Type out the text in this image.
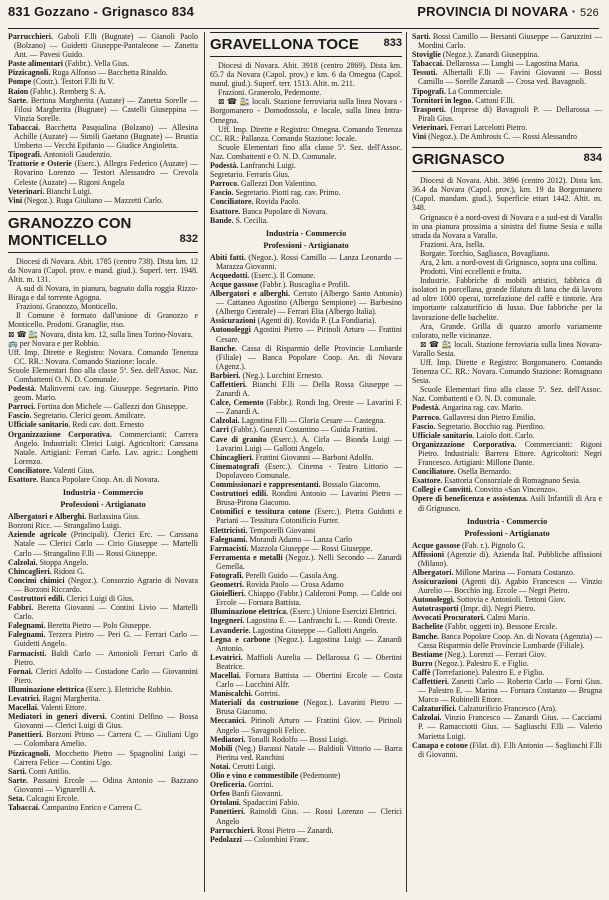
831 Gozzano - Grignasco 834	PROVINCIA DI NOVARA · 526

Parrucchieri. Gaboli F.lli (Bugnate) — Gianoli Paolo (Bolzano) — Guidetti Giuseppe-Pantaleone — Zanetta Ant. — Pavesi Guido.

Paste alimentari (Fabbr.). Vella Gius.

Pizzicagnoli. Ruga Alfonso — Bacchetta Rinaldo.

Pompe (Costr.). Testori F.lli fu V.

Raion (Fabbr.). Remberg S. A.

Sarte. Bertona Margherita (Auzate) — Zanetta Sorelle — Filosi Margherita (Bugnate) — Castelli Giuseppina — Vinzia Sorelle.

Tabaccai. Bacchetta Pasqualina (Bolzano) — Allesina Achille (Auzate) — Simili Gaetano (Bugnate) — Brustia Umberto — Vecchi Epifanio — Giudice Angioletta.

Tipografi. Antonioli Gaudenzio.

Trattorie e Osterie (Eserc.). Allegra Federico (Auzate) — Rovarino Lorenzo — Testori Alessandro — Crevola Celeste (Auzate) — Rigoni Angela

Veterinari. Bianchi Luigi.

Vini (Negoz.). Ruga Giuliano — Mazzetti Carlo.

GRANOZZO CON
MONTICELLO	832

Diocesi di Novara. Abit. 1785 (centro 738). Dista km. 12 da Novara (Capol. prov. e mand. giud.). Superf. terr. 1948. Altit. m. 131.

A sud di Novara, in pianura, bagnato dalla roggia Rizzo-Biraga e dal torrente Agogna.

Frazioni. Granozzo, Monticello.

Il Comune è formato dall'unione di Granozzo e Monticello. Prodotti. Granaglie, riso.

⊠ ☎ 🚉 Novara, dista km. 12, sulla linea Torino-Novara.

🚌 per Novara e per Robbio.

Uff. Imp. Dirette e Registro: Novara. Comando Tenenza CC. RR.: Novara. Comando Stazione: locale.

Scuole Elementari fino alla classe 5ª. Sez. dell'Assoc. Naz. Combattenti O. N. D. Comunale.

Podestà. Malinverni cav. ing. Giuseppe. Segretario. Pitto geom. Mario.

Parroci. Fortina don Michele — Gallezzi don Giuseppe.

Fascio. Segretario. Clerici geom. Amilcare.

Ufficiale sanitario. Redi cav. dott. Ernesto

Organizzazione Corporativa. Commercianti: Carrera Angelo. Industriali: Clerici Luigi. Agricoltori: Carssana Natale. Artigiani: Ferrari Carlo. Lav. agric.: Longhetti Lorenzo.

Conciliatore. Valenti Gius.

Esattore. Banca Popolare Coop. An. di Novara.

Industria - Commercio
Professioni - Artigianato

Albergatori e Alberghi. Barlassina Gius.

Borzoni Ricc. — Strangalino Luigi.

Aziende agricole (Principali). Clerici Erc. — Carssana Natale — Clerici Carlo — Cirio Giuseppe — Martelli Carlo — Strangalino F.lli — Rossi Giuseppe.

Calzolai. Stoppa Angelo.

Chincaglieri. Ridoni G.

Concimi chimici (Negoz.). Consorzio Agrario di Novara — Borzoni Riccardo.

Costruttori edili. Clerici Luigi di Gius.

Fabbri. Beretta Giovanni — Contini Livio — Martelli Carlo.

Falegnami. Beretta Pietro — Polo Giuseppe.

Falegnami. Terzera Pietro — Peri G. — Ferrari Carlo — Guidetti Angelo.

Farmacisti. Baldi Carlo — Antonioli Ferrari Carlo di Pietro.

Fornai. Clerici Adolfo — Costadone Carlo — Giovannini Piero.

Illuminazione elettrica (Eserc.). Elettriche Robbio.

Levatrici. Ragni Margherita.

Macellai. Valenti Ettore.

Mediatori in generi diversi. Contini Delfino — Bossa Giovanni — Clerici Luigi di Gius.

Panettieri. Borzoni Primo — Carrera C. — Giuliani Ugo — Colombara Amelio.

Pizzicagnoli. Mocchetto Pietro — Spagnolini Luigi — Carrera Felice — Contini Ugo.

Sarti. Conti Attilio.

Sarte. Passaini Ercole — Odina Antonio — Bazzano Giovanni — Vignarelli A.

Seta. Calcagni Ercole.

Tabaccai. Campanino Enrico e Carrera C.

GRAVELLONA TOCE 833

Diocesi di Novara. Abit. 3918 (centro 2869). Dista km. 65.7 da Novara (Capol. prov.) e km. 6 da Omegna (Capol. mand. giud.). Superf. terr. 1513. Altit. m. 211.

Frazioni. Granerolo, Pedemonte.

⊠ ☎ 🚉 locali. Stazione ferroviaria sulla linea Novara - Borgomanero - Domodossola, e locale, sulla linea Intra-Omegna.

Uff. Imp. Dirette e Registro: Omegna. Comando Tenenza CC. RR.: Pallanza. Comando Stazione: locale.

Scuole Elementari fino alla classe 5ª. Sez. dell'Assoc. Naz. Combattenti e O. N. D. Comunale.

Podestà. Lanfranchi Luigi.

Segretario. Ferraris Gius.

Parroco. Gallezzi Don Valentino.

Fascio. Segretario. Piotti rag. cav. Primo.

Conciliatore. Rovida Paolo.

Esattore. Banca Popolare di Novara.

Bande. S. Cecilia.

Industria - Commercio
Professioni - Artigianato

Abiti fatti. (Negoz.). Rossi Camillo — Lanza Leonardo — Marazza Giovanni.

Acquedotti. (Eserc.). Il Comune.

Acque gassose (Fabbr.). Buscaglia e Profili.

Albergatori e alberghi. Cerrato (Albergo Santo Antonio) — Cattaneo Agostino (Albergo Sempione) — Barbesino (Albergo Centrale) — Ferrari Elia (Albergo Italia).

Assicurazioni (Agenti di). Rovida P. (La Fondiaria).

Autonoleggi Agostini Pietro — Pirinoli Arturo — Frattini Cesare.

Banche. Cassa di Risparmio delle Provincie Lombarde (Filiale) — Banca Popolare Coop. An. di Novara (Agenz.).

Barbieri. (Neg.). Lucchini Ernesto.

Caffettieri. Bianchi F.lli — Della Rossa Giuseppe — Zanardi A.

Calce, Cemento (Fabbr.). Rondi Ing. Oreste — Lavarini F. — Zanardi A.

Calzolai. Lagostina F.lli — Gloria Cesare — Castegna.

Carri (Fabbr.). Guenzi Costantino — Guida Frattini.

Cave di granito (Eserc.). A. Cirla — Bionda Luigi — Lavarini Luigi — Gallotti Angelo.

Chincaglieri. Frattini Giovanni — Barboni Adolfo.

Cinematografi (Eserc.). Cinema - Teatro Littorio — Dopolavoro Comunale.

Commissionari e rappresentanti. Bossalo Giacomo.

Costruttori edili. Rondini Antonio — Lavarini Pietro — Brusa-Pirona Giacomo.

Cotonifici e tessitura cotone (Eserc.). Pietra Guidotti e Pariani — Tessitura Cotonificio Furter.

Elettricisti. Temporelli Giovanni

Falegnami. Morandi Adamo — Lanza Carlo

Farmacisti. Mazzola Giuseppe — Rossi Giuseppe.

Ferramenta e metalli (Negoz.). Nelli Secondo — Zanardi Gemella.

Fotografi. Perelli Guido — Casola Ang.

Geometri. Rovida Paolo — Crosa Adamo

Gioiellieri. Chiappo (Fabbr.) Calderoni Pomp. — Calde oni Ercole — Fornara Battista.

Illuminazione elettrica. (Eserc.) Unione Esercizi Elettrici.

Ingegneri. Lagostina E. — Lanfranchi L. — Rondi Oreste.

Lavanderie. Lagostina Giuseppe — Gallotti Angelo.

Legna e carbone (Negoz.). Lagostina Luigi — Zanardi Antonio.

Levatrici. Maffioli Aurelia — Dellarossa G — Obertini Beatrice.

Macellai. Fornara Battista — Obertini Ercole — Costa Carlo — Lucchini Alfr.

Maniscalchi. Gorrini.

Materiali da costruzione (Negoz.). Lavarini Pietro — Brusa Giacomo.

Meccanici. Pirinoli Arturo — Frattini Giov. — Pirinoli Angelo — Savagnoli Felice.

Mediatori. Tonalli Rodolfo — Bossi Luigi.

Mobili (Neg.) Barassi Natale — Baldioli Vittorio — Barra Pierina ved. Ranchini

Notai. Cerutti Luigi.

Olio e vino e commestibile (Pedemonte)

Oreficeria. Gorrini.

Orfeo Banfi Giovanni.

Ortolani. Spadaccini Fabio.

Panettieri. Rainoldi Gius. — Rossi Lorenzo — Clerici Angelo

Parrucchieri. Rossi Pietro — Zanardi.

Pedolazzi — Colombini Franc.

Sarti. Bossi Camillo — Bersanti Giuseppe — Garuzzini — Mordini Carlo.

Stoviglie (Negoz.). Zanardi Giuseppina.

Tabaccai. Dellarossa — Lunghi — Lagostina Maria.

Tessuti. Albertalli F.lli — Favini Giovanni — Bossi Camillo — Sorelle Zanardi — Crosa ved. Bavagnoli.

Tipografi. La Commerciale.

Tornitori in legno. Cattoni F.lli.

Trasporti. (Imprese di) Bavagnoli P. — Dellarossa — Pirali Gius.

Veterinari. Ferrari Larcelotti Pietro.

Vini (Negoz.). De Ambrosis C. — Rossi Alessandro

GRIGNASCO	834

Diocesi di Novara. Abit. 3896 (centro 2012). Dista km. 36.4 da Novara (Capol. prov.), km. 19 da Borgomanero (Capol. mandam. giud.). Superficie ettari 1442. Altit. m. 348.

Grignasco è a nord-ovest di Novara e a sud-est di Varallo in una pianura prossima a sinistra del fiume Sesia e sulla strada da Novara a Varallo.

Frazioni. Ara, Isella.

Borgate. Torchio, Sagliasco, Bovagliano.

Ara, 2 km. a nord-ovest di Grignasco, sopra una collina.

Prodotti. Vini eccellenti e frutta.

Industrie. Fabbriche di mobili artistici, fabbrica di isolatori in porcellana, grande filatura di lana che dà lavoro ad oltre 1000 operai, torrefazione del caffè e tintorie. Ara importante calzaturificio di lusso. Due fabbriche per la lavorazione delle bachelite.

Ara, Grande. Grilla di quarzo amorfo variamente colorato, nelle vicinanze.

⊠ ☎ 🚉 locali. Stazione ferroviaria sulla linea Novara-Varallo Sesia.

Uff. Imp. Dirette e Registro: Borgomanero. Comando Tenenza CC. RR.: Novara. Comando Stazione: Romagnano Sesia.

Scuole Elementari fino alla classe 5ª. Sez. dell'Assoc. Naz. Combattenti e O. N. D. comunale.

Podestà. Angarina rag. cav. Mario.

Parroco. Gallavresi don Pietro Emilio.

Fascio. Segretario. Bocchio rag. Pierdino.

Ufficiale sanitario. Laiolo dott. Carlo.

Organizzazione Corporativa. Commercianti: Rigoni Pietro. Industriali: Barrera Ettore. Agricoltori: Negri Francesco. Artigiani: Millone Dante.

Conciliatore. Osella Bernardo.

Esattore. Esattoria Consorziale di Romagnano Sesia.

Collegi e Convitti. Convitto «San Vincenzo».

Opere di beneficenza e assistenza. Asili Infantili di Ara e di Grignasco.

Industria - Commercio
Professioni - Artigianato

Acque gassose (Fab. r.). Pignolo G.

Affissioni (Agenzie di). Azienda Ital. Pubbliche affissioni (Milano).

Albergatori. Millone Marina — Fornara Costanzo.

Assicurazioni (Agenti di). Agabio Francesco — Vinzio Aurelio — Bocchio ing. Ercole — Negri Pietro.

Autonoleggi. Sottovia e Antonioli. Tettoni Giov.

Autotrasporti (Impr. di). Negri Pietro.

Avvocati Procuratori. Calmi Mario.

Bachelite (Fabbr. oggetti in). Bessone Ercole.

Banche. Banca Popolare Coop. An. di Novara (Agenzia) — Cassa Risparmio delle Provincie Lombarde (Filiale).

Bestiame (Neg.). Lorenzi — Ferrari Giov.

Burro (Negoz.). Palestro E. e Figlio.

Caffè (Torrefazione). Palestro E. e Figlio.

Caffettieri. Zanetti Carlo — Roberto Carlo — Forni Gius. — Palestro E. — Marina — Fornara Costanzo — Brugna Marco — Rubinelli Ettore.

Calzaturifici. Calzaturificio Francesco (Ara).

Calzolai. Vinzio Francesco — Zanardi Gius. — Cacciami P. — Ramacciotti Gius. — Sagliaschi F.lli — Valerio Marietta Luigi.

Canapa e cotone (Filat. di). F.lli Antonio — Sagliaschi F.lli di Giovanni.
